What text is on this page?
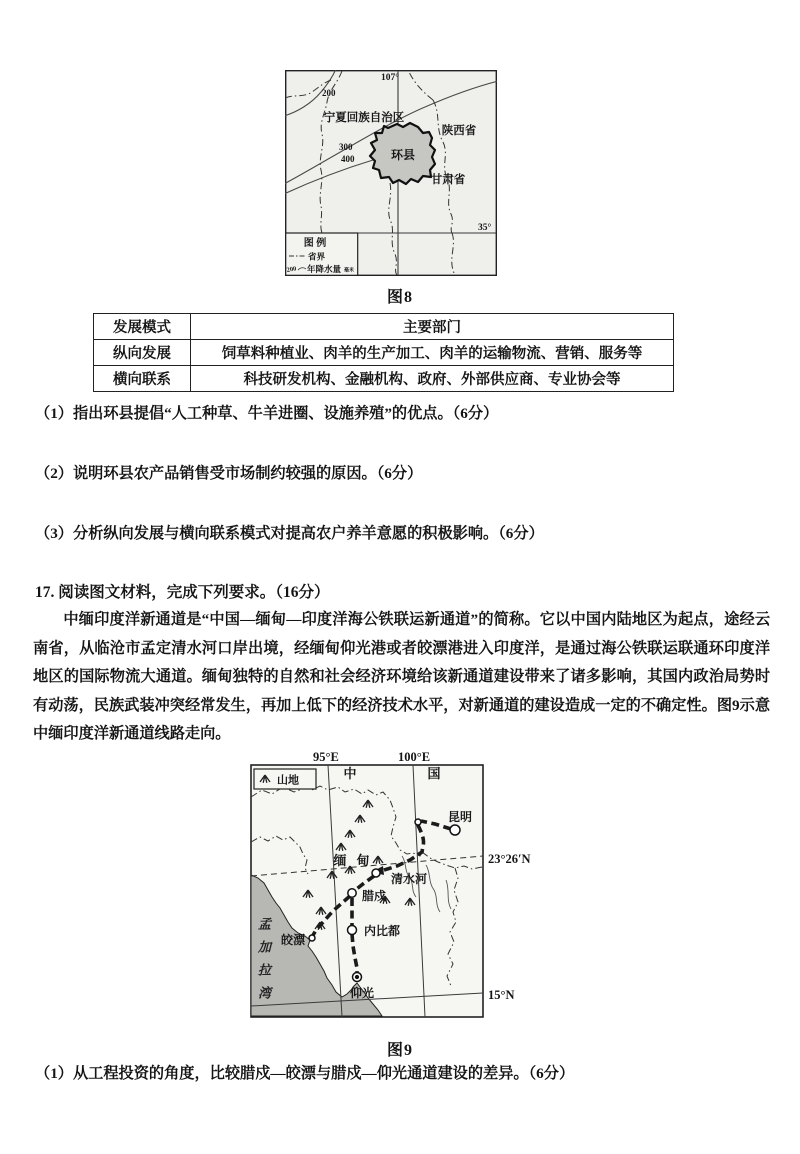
107°
35°
200
300
400
宁夏回族自治区
陕西省
甘肃省
环县
图 例
省界
200 年降水量 毫米
图8
发展模式	主要部门
纵向发展	饲草料种植业、肉羊的生产加工、肉羊的运输物流、营销、服务等
横向联系	科技研发机构、金融机构、政府、外部供应商、专业协会等
（1）指出环县提倡“人工种草、牛羊进圈、设施养殖”的优点。（6分）
（2）说明环县农产品销售受市场制约较强的原因。（6分）
（3）分析纵向发展与横向联系模式对提高农户养羊意愿的积极影响。（6分）
17. 阅读图文材料，完成下列要求。（16分）
中缅印度洋新通道是“中国—缅甸—印度洋海公铁联运新通道”的简称。它以中国内陆地区为起点，途经云南省，从临沧市孟定清水河口岸出境，经缅甸仰光港或者皎漂港进入印度洋，是通过海公铁联运联通环印度洋地区的国际物流大通道。缅甸独特的自然和社会经济环境给该新通道建设带来了诸多影响，其国内政治局势时有动荡，民族武装冲突经常发生，再加上低下的经济技术水平，对新通道的建设造成一定的不确定性。图9示意中缅印度洋新通道线路走向。
95°E	100°E
昆明
中	国
缅 甸
清水河
腊戍
内比都
皎漂
仰光
23°26′N
15°N
山地
孟加拉湾
图9
（1）从工程投资的角度，比较腊戍—皎漂与腊戍—仰光通道建设的差异。（6分）
